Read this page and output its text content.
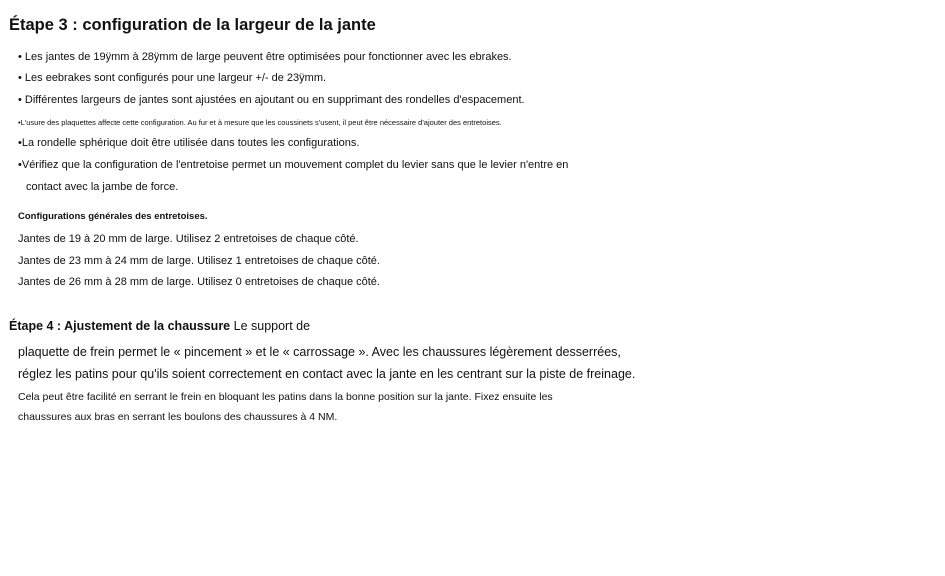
Étape 3 : configuration de la largeur de la jante

• Les jantes de 19ÿmm à 28ÿmm de large peuvent être optimisées pour fonctionner avec les ebrakes.

• Les eebrakes sont configurés pour une largeur +/- de 23ÿmm.

• Différentes largeurs de jantes sont ajustées en ajoutant ou en supprimant des rondelles d'espacement.

•L'usure des plaquettes affecte cette configuration. Au fur et à mesure que les coussinets s'usent, il peut être nécessaire d'ajouter des entretoises.

•La rondelle sphérique doit être utilisée dans toutes les configurations.

•Vérifiez que la configuration de l'entretoise permet un mouvement complet du levier sans que le levier n'entre en

contact avec la jambe de force.

Configurations générales des entretoises.

Jantes de 19 à 20 mm de large. Utilisez 2 entretoises de chaque côté.

Jantes de 23 mm à 24 mm de large. Utilisez 1 entretoises de chaque côté.

Jantes de 26 mm à 28 mm de large. Utilisez 0 entretoises de chaque côté.

Étape 4 : Ajustement de la chaussure Le support de

plaquette de frein permet le « pincement » et le « carrossage ». Avec les chaussures légèrement desserrées,

réglez les patins pour qu'ils soient correctement en contact avec la jante en les centrant sur la piste de freinage.

Cela peut être facilité en serrant le frein en bloquant les patins dans la bonne position sur la jante. Fixez ensuite les

chaussures aux bras en serrant les boulons des chaussures à 4 NM.
